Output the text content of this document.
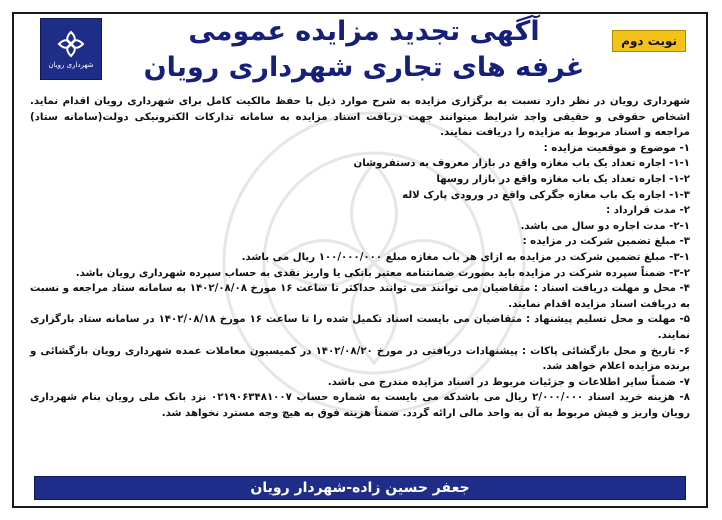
شهرداری رویان
آگهی تجدید مزایده عمومی
غرفه های تجاری شهرداری رویان
نوبت دوم

شهرداری رویان در نظر دارد نسبت به برگزاری مزایده به شرح موارد ذیل با حفظ مالکیت کامل برای شهرداری رویان اقدام نماید. اشخاص حقوقی و حقیقی واجد شرایط میتوانند جهت دریافت اسناد مزایده به سامانه تدارکات الکترونیکی دولت(سامانه ستاد) مراجعه و اسناد مربوط به مزایده را دریافت نمایند.

۱- موضوع و موقعیت مزایده :

۱-۱- اجاره تعداد یک باب مغازه واقع در بازار معروف به دستفروشان

۱-۲- اجاره تعداد یک باب مغازه واقع در بازار روسها

۱-۳- اجاره یک باب مغازه جگرکی واقع در ورودی پارک لاله

۲- مدت قرارداد :

۲-۱- مدت اجاره دو سال می باشد.

۳- مبلغ تضمین شرکت در مزایده :

۳-۱- مبلغ تضمین شرکت در مزایده به ازای هر باب مغازه مبلغ ۱۰۰/۰۰۰/۰۰۰ ریال می باشد.

۳-۲- ضمناً سپرده شرکت در مزایده باید بصورت ضمانتنامه معتبر بانکی یا واریز نقدی به حساب سپرده شهرداری رویان باشد.

۴- محل و مهلت دریافت اسناد : متقاضیان می توانند می توانند حداکثر تا ساعت ۱۶ مورخ ۱۴۰۲/۰۸/۰۸ به سامانه ستاد مراجعه و نسبت به دریافت اسناد مزایده اقدام نمایند.

۵- مهلت و محل تسلیم پیشنهاد : متقاضیان می بایست اسناد تکمیل شده را تا ساعت ۱۶ مورخ ۱۴۰۲/۰۸/۱۸ در سامانه ستاد بارگزاری نمایند.

۶- تاریخ و محل بازگشائی پاکات : پیشنهادات دریافتی در مورخ ۱۴۰۲/۰۸/۲۰ در کمیسیون معاملات عمده شهرداری رویان بازگشائی و برنده مزایده اعلام خواهد شد.

۷- ضمناً سایر اطلاعات و جزئیات مربوط در اسناد مزایده مندرج می باشد.

۸- هزینه خرید اسناد ۲/۰۰۰/۰۰۰ ریال می باشدکه می بایست به شماره حساب ۰۲۱۹۰۶۳۴۸۱۰۰۷ نزد بانک ملی رویان بنام شهرداری رویان واریز و فیش مربوط به آن به واحد مالی ارائه گردد. ضمناً هزینه فوق به هیچ وجه مسترد نخواهد شد.

جعفر حسین زاده-شهردار رویان
